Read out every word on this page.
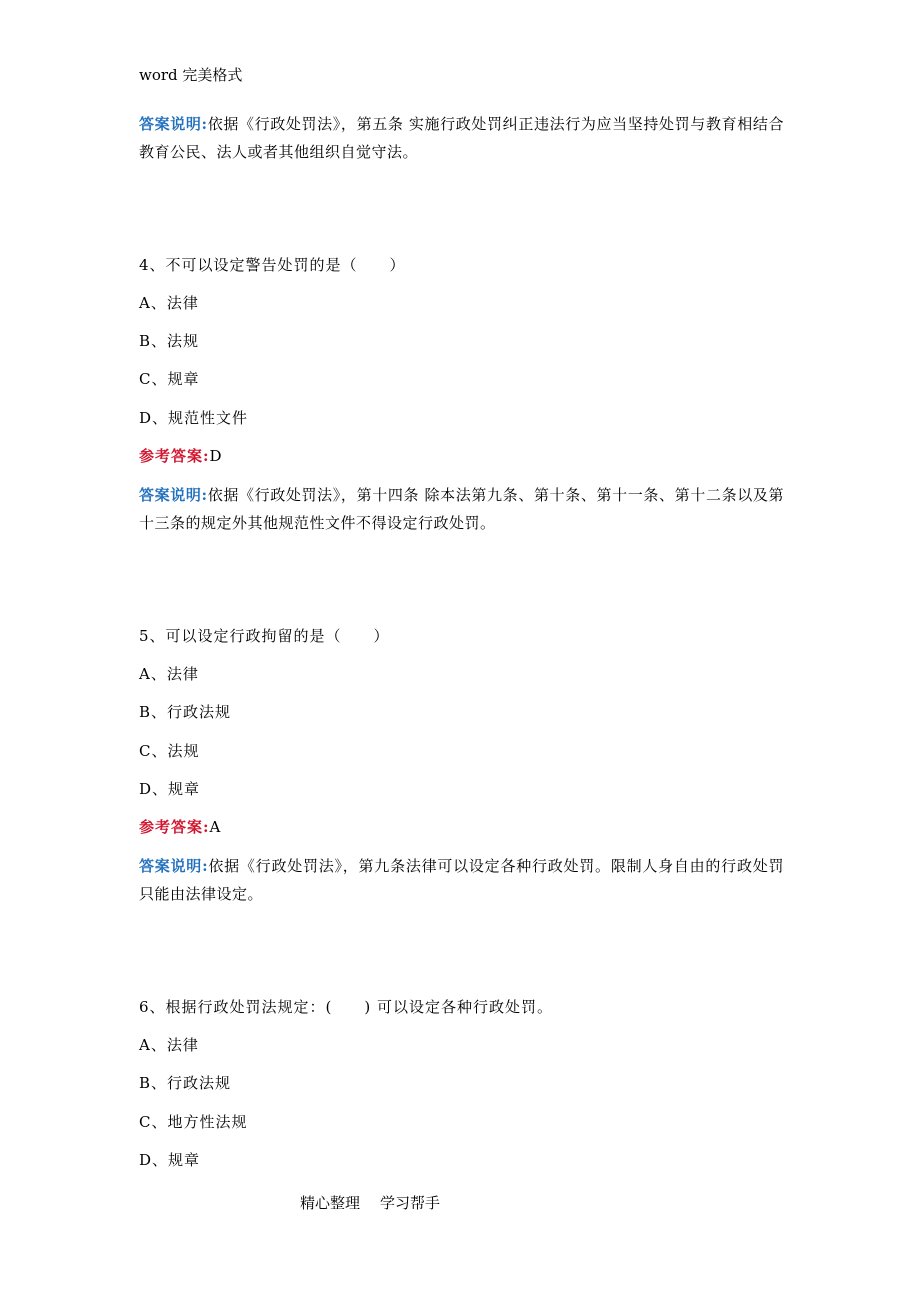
word 完美格式
答案说明:依据《行政处罚法》，第五条 实施行政处罚纠正违法行为应当坚持处罚与教育相结合教育公民、法人或者其他组织自觉守法。
4、不可以设定警告处罚的是（　　）
A、法律
B、法规
C、规章
D、规范性文件
参考答案:D
答案说明:依据《行政处罚法》，第十四条 除本法第九条、第十条、第十一条、第十二条以及第十三条的规定外其他规范性文件不得设定行政处罚。
5、可以设定行政拘留的是（　　）
A、法律
B、行政法规
C、法规
D、规章
参考答案:A
答案说明:依据《行政处罚法》，第九条法律可以设定各种行政处罚。限制人身自由的行政处罚只能由法律设定。
6、根据行政处罚法规定：(　　) 可以设定各种行政处罚。
A、法律
B、行政法规
C、地方性法规
D、规章
精心整理 学习帮手
